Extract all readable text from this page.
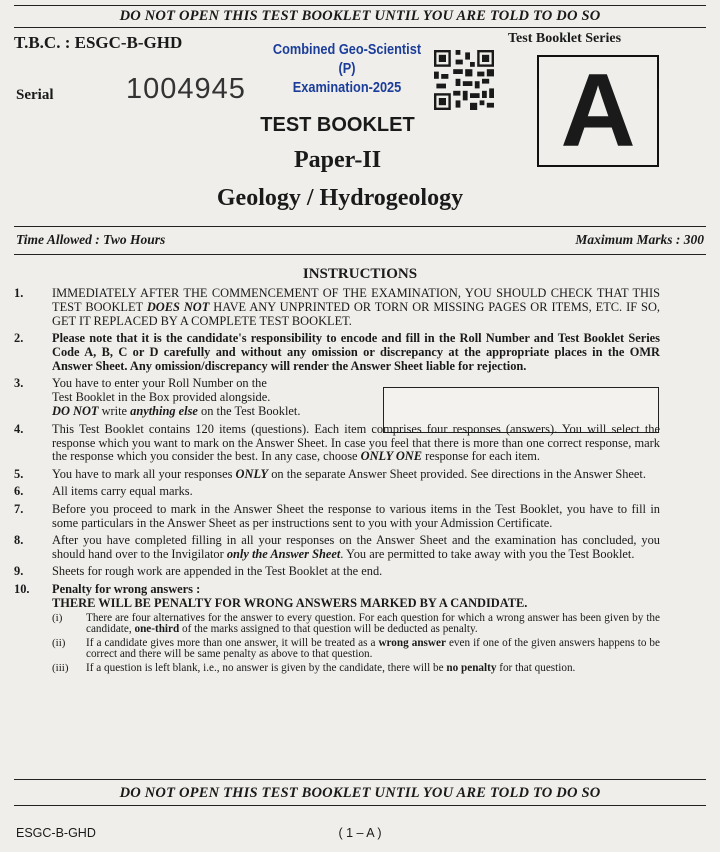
DO NOT OPEN THIS TEST BOOKLET UNTIL YOU ARE TOLD TO DO SO
T.B.C. : ESGC-B-GHD	Combined Geo-Scientist (P)
Examination-2025
Test Booklet Series
A
Serial	1004945
TEST BOOKLET
Paper-II
Geology / Hydrogeology
Time Allowed : Two Hours	Maximum Marks : 300
INSTRUCTIONS
1.	IMMEDIATELY AFTER THE COMMENCEMENT OF THE EXAMINATION, YOU SHOULD CHECK THAT THIS TEST BOOKLET DOES NOT HAVE ANY UNPRINTED OR TORN OR MISSING PAGES OR ITEMS, ETC. IF SO, GET IT REPLACED BY A COMPLETE TEST BOOKLET.
2.	Please note that it is the candidate's responsibility to encode and fill in the Roll Number and Test Booklet Series Code A, B, C or D carefully and without any omission or discrepancy at the appropriate places in the OMR Answer Sheet. Any omission/discrepancy will render the Answer Sheet liable for rejection.
3.	You have to enter your Roll Number on the
Test Booklet in the Box provided alongside.
DO NOT write anything else on the Test Booklet.
4.	This Test Booklet contains 120 items (questions). Each item comprises four responses (answers). You will select the response which you want to mark on the Answer Sheet. In case you feel that there is more than one correct response, mark the response which you consider the best. In any case, choose ONLY ONE response for each item.
5.	You have to mark all your responses ONLY on the separate Answer Sheet provided. See directions in the Answer Sheet.
6.	All items carry equal marks.
7.	Before you proceed to mark in the Answer Sheet the response to various items in the Test Booklet, you have to fill in some particulars in the Answer Sheet as per instructions sent to you with your Admission Certificate.
8.	After you have completed filling in all your responses on the Answer Sheet and the examination has concluded, you should hand over to the Invigilator only the Answer Sheet. You are permitted to take away with you the Test Booklet.
9.	Sheets for rough work are appended in the Test Booklet at the end.
10.	Penalty for wrong answers :
THERE WILL BE PENALTY FOR WRONG ANSWERS MARKED BY A CANDIDATE.
(i)	There are four alternatives for the answer to every question. For each question for which a wrong answer has been given by the candidate, one-third of the marks assigned to that question will be deducted as penalty.
(ii)	If a candidate gives more than one answer, it will be treated as a wrong answer even if one of the given answers happens to be correct and there will be same penalty as above to that question.
(iii)	If a question is left blank, i.e., no answer is given by the candidate, there will be no penalty for that question.
DO NOT OPEN THIS TEST BOOKLET UNTIL YOU ARE TOLD TO DO SO
ESGC-B-GHD	( 1 – A )
